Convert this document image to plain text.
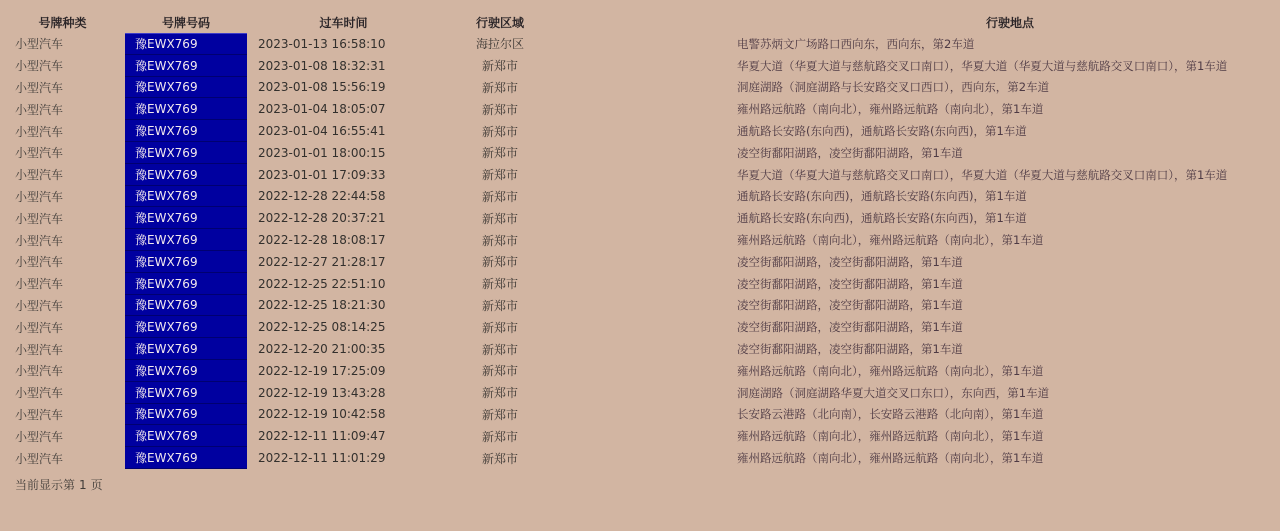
号牌种类	号牌号码	过车时间	行驶区域	行驶地点
小型汽车	豫EWX769	2023-01-13 16:58:10	海拉尔区	电警苏炳文广场路口西向东，西向东，第2车道
小型汽车	豫EWX769	2023-01-08 18:32:31	新郑市	华夏大道（华夏大道与慈航路交叉口南口），华夏大道（华夏大道与慈航路交叉口南口），第1车道
小型汽车	豫EWX769	2023-01-08 15:56:19	新郑市	洞庭湖路（洞庭湖路与长安路交叉口西口），西向东，第2车道
小型汽车	豫EWX769	2023-01-04 18:05:07	新郑市	雍州路远航路（南向北），雍州路远航路（南向北），第1车道
小型汽车	豫EWX769	2023-01-04 16:55:41	新郑市	通航路长安路(东向西)，通航路长安路(东向西)，第1车道
小型汽车	豫EWX769	2023-01-01 18:00:15	新郑市	凌空街鄱阳湖路，凌空街鄱阳湖路，第1车道
小型汽车	豫EWX769	2023-01-01 17:09:33	新郑市	华夏大道（华夏大道与慈航路交叉口南口），华夏大道（华夏大道与慈航路交叉口南口），第1车道
小型汽车	豫EWX769	2022-12-28 22:44:58	新郑市	通航路长安路(东向西)，通航路长安路(东向西)，第1车道
小型汽车	豫EWX769	2022-12-28 20:37:21	新郑市	通航路长安路(东向西)，通航路长安路(东向西)，第1车道
小型汽车	豫EWX769	2022-12-28 18:08:17	新郑市	雍州路远航路（南向北），雍州路远航路（南向北），第1车道
小型汽车	豫EWX769	2022-12-27 21:28:17	新郑市	凌空街鄱阳湖路，凌空街鄱阳湖路，第1车道
小型汽车	豫EWX769	2022-12-25 22:51:10	新郑市	凌空街鄱阳湖路，凌空街鄱阳湖路，第1车道
小型汽车	豫EWX769	2022-12-25 18:21:30	新郑市	凌空街鄱阳湖路，凌空街鄱阳湖路，第1车道
小型汽车	豫EWX769	2022-12-25 08:14:25	新郑市	凌空街鄱阳湖路，凌空街鄱阳湖路，第1车道
小型汽车	豫EWX769	2022-12-20 21:00:35	新郑市	凌空街鄱阳湖路，凌空街鄱阳湖路，第1车道
小型汽车	豫EWX769	2022-12-19 17:25:09	新郑市	雍州路远航路（南向北），雍州路远航路（南向北），第1车道
小型汽车	豫EWX769	2022-12-19 13:43:28	新郑市	洞庭湖路（洞庭湖路华夏大道交叉口东口），东向西，第1车道
小型汽车	豫EWX769	2022-12-19 10:42:58	新郑市	长安路云港路（北向南），长安路云港路（北向南），第1车道
小型汽车	豫EWX769	2022-12-11 11:09:47	新郑市	雍州路远航路（南向北），雍州路远航路（南向北），第1车道
小型汽车	豫EWX769	2022-12-11 11:01:29	新郑市	雍州路远航路（南向北），雍州路远航路（南向北），第1车道
当前显示第 1 页
